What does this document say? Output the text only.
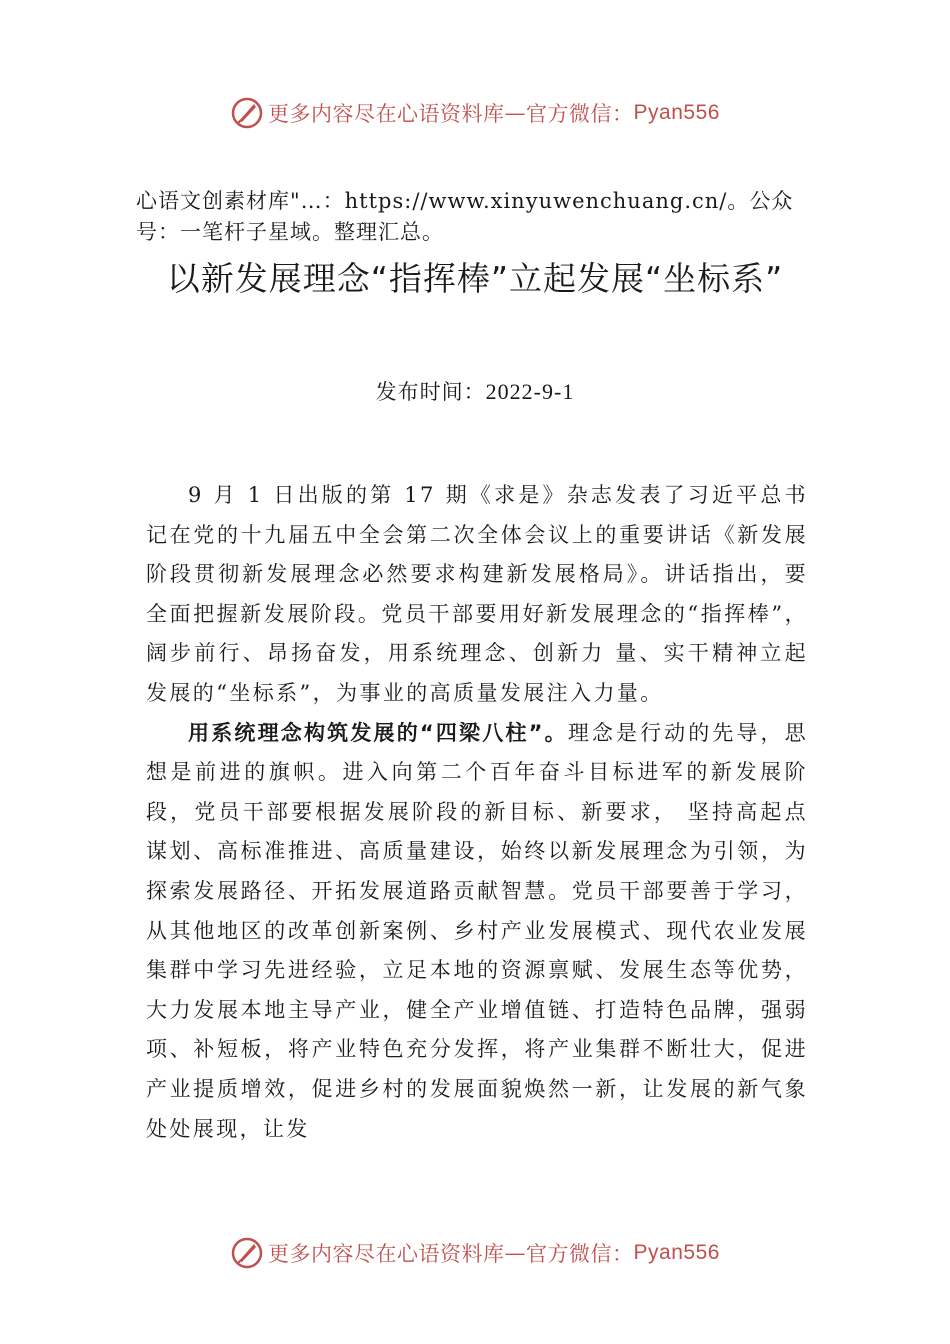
更多内容尽在心语资料库 — 官方微信： Pyan556
心语文创素材库"…：https://www.xinyuwenchuang.cn/。公众号：一笔杆子星域。整理汇总。
以新发展理念“指挥棒”立起发展“坐标系”
发布时间：2022-9-1

9 月 1 日出版的第 17 期《求是》杂志发表了习近平总书记在党的十九届五中全会第二次全体会议上的重要讲话《新发展阶段贯彻新发展理念必然要求构建新发展格局》。讲话指出，要全面把握新发展阶段。党员干部要用好新发展理念的“指挥棒”，阔步前行、昂扬奋发，用系统理念、创新力 量、实干精神立起发展的“坐标系”，为事业的高质量发展注入力量。

用系统理念构筑发展的“四梁八柱”。理念是行动的先导，思想是前进的旗帜。进入向第二个百年奋斗目标进军的新发展阶段，党员干部要根据发展阶段的新目标、新要求， 坚持高起点谋划、高标准推进、高质量建设，始终以新发展理念为引领，为探索发展路径、开拓发展道路贡献智慧。党员干部要善于学习，从其他地区的改革创新案例、乡村产业发展模式、现代农业发展集群中学习先进经验，立足本地的资源禀赋、发展生态等优势，大力发展本地主导产业，健全产业增值链、打造特色品牌，强弱项、补短板，将产业特色充分发挥，将产业集群不断壮大，促进产业提质增效，促进乡村的发展面貌焕然一新，让发展的新气象处处展现，让发

更多内容尽在心语资料库 — 官方微信： Pyan556
